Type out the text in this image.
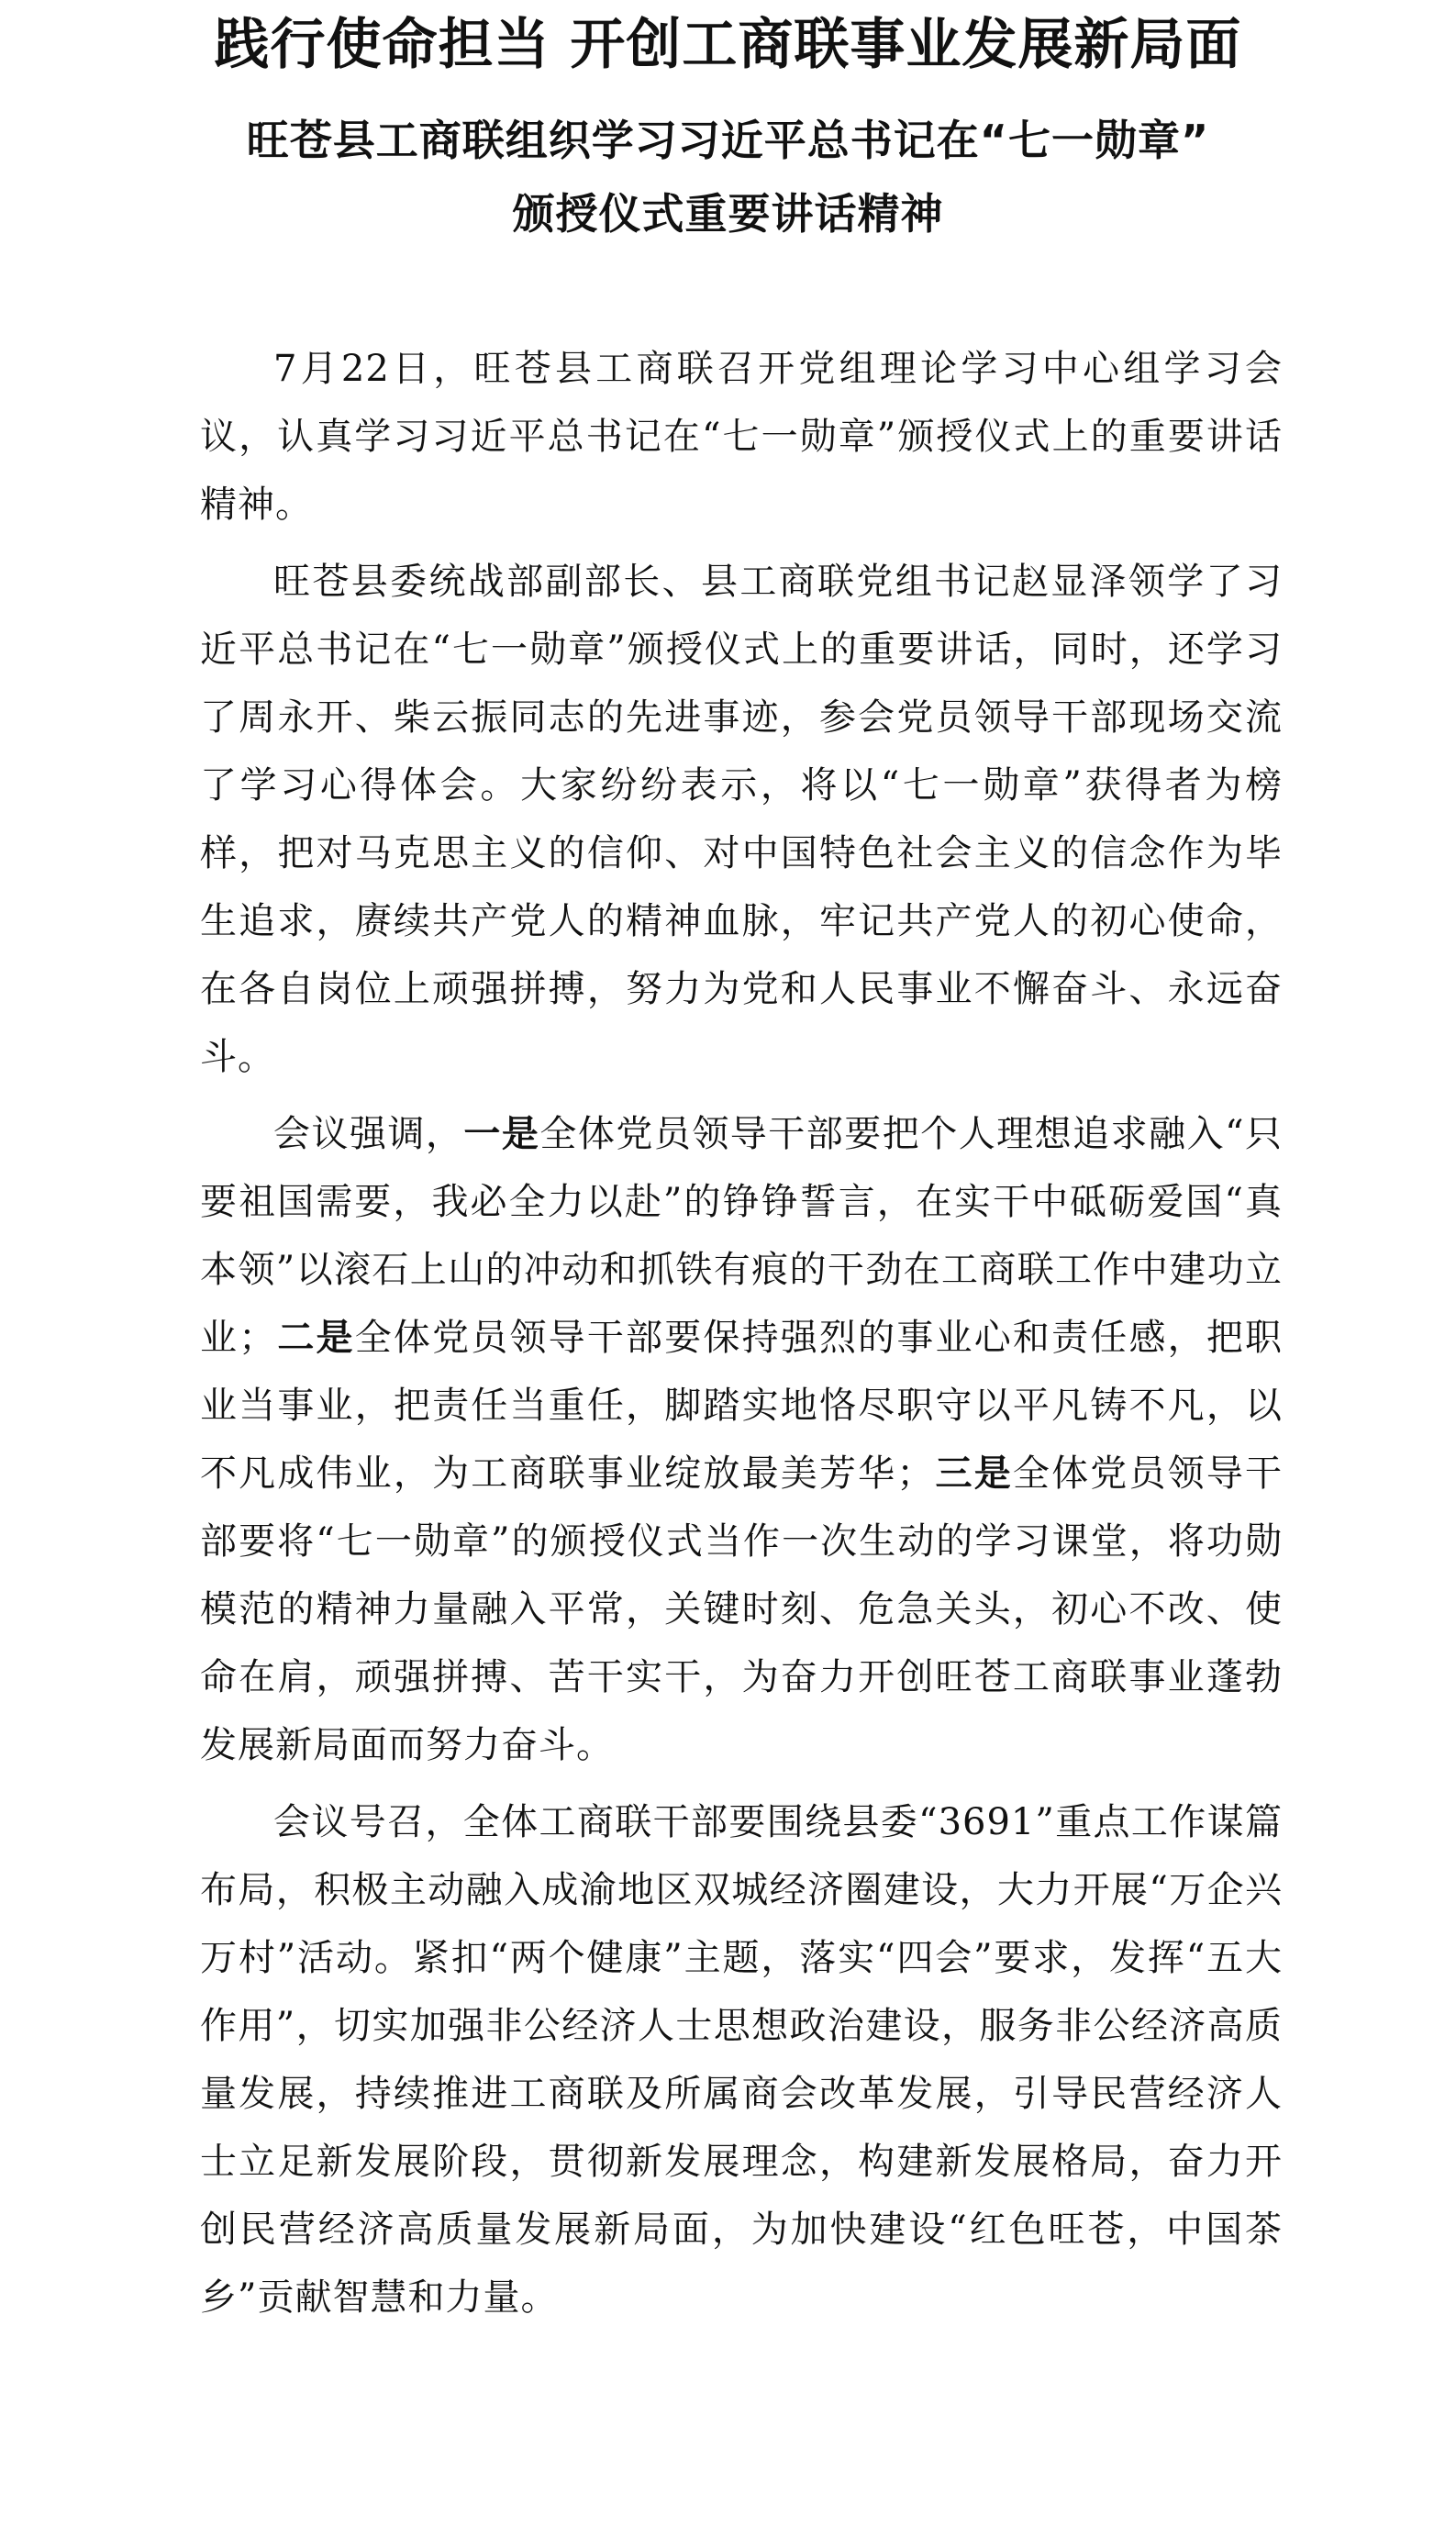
践行使命担当 开创工商联事业发展新局面
旺苍县工商联组织学习习近平总书记在“七一勋章”
颁授仪式重要讲话精神

7月22日，旺苍县工商联召开党组理论学习中心组学习会议，认真学习习近平总书记在“七一勋章”颁授仪式上的重要讲话精神。

旺苍县委统战部副部长、县工商联党组书记赵显泽领学了习近平总书记在“七一勋章”颁授仪式上的重要讲话，同时，还学习了周永开、柴云振同志的先进事迹，参会党员领导干部现场交流了学习心得体会。大家纷纷表示，将以“七一勋章”获得者为榜样，把对马克思主义的信仰、对中国特色社会主义的信念作为毕生追求，赓续共产党人的精神血脉，牢记共产党人的初心使命，在各自岗位上顽强拼搏，努力为党和人民事业不懈奋斗、永远奋斗。

会议强调，一是全体党员领导干部要把个人理想追求融入“只要祖国需要，我必全力以赴”的铮铮誓言，在实干中砥砺爱国“真本领”以滚石上山的冲动和抓铁有痕的干劲在工商联工作中建功立业；二是全体党员领导干部要保持强烈的事业心和责任感，把职业当事业，把责任当重任，脚踏实地恪尽职守以平凡铸不凡，以不凡成伟业，为工商联事业绽放最美芳华；三是全体党员领导干部要将“七一勋章”的颁授仪式当作一次生动的学习课堂，将功勋模范的精神力量融入平常，关键时刻、危急关头，初心不改、使命在肩，顽强拼搏、苦干实干，为奋力开创旺苍工商联事业蓬勃发展新局面而努力奋斗。

会议号召，全体工商联干部要围绕县委“3691”重点工作谋篇布局，积极主动融入成渝地区双城经济圈建设，大力开展“万企兴万村”活动。紧扣“两个健康”主题，落实“四会”要求，发挥“五大作用”，切实加强非公经济人士思想政治建设，服务非公经济高质量发展，持续推进工商联及所属商会改革发展，引导民营经济人士立足新发展阶段，贯彻新发展理念，构建新发展格局，奋力开创民营经济高质量发展新局面，为加快建设“红色旺苍，中国茶乡”贡献智慧和力量。
